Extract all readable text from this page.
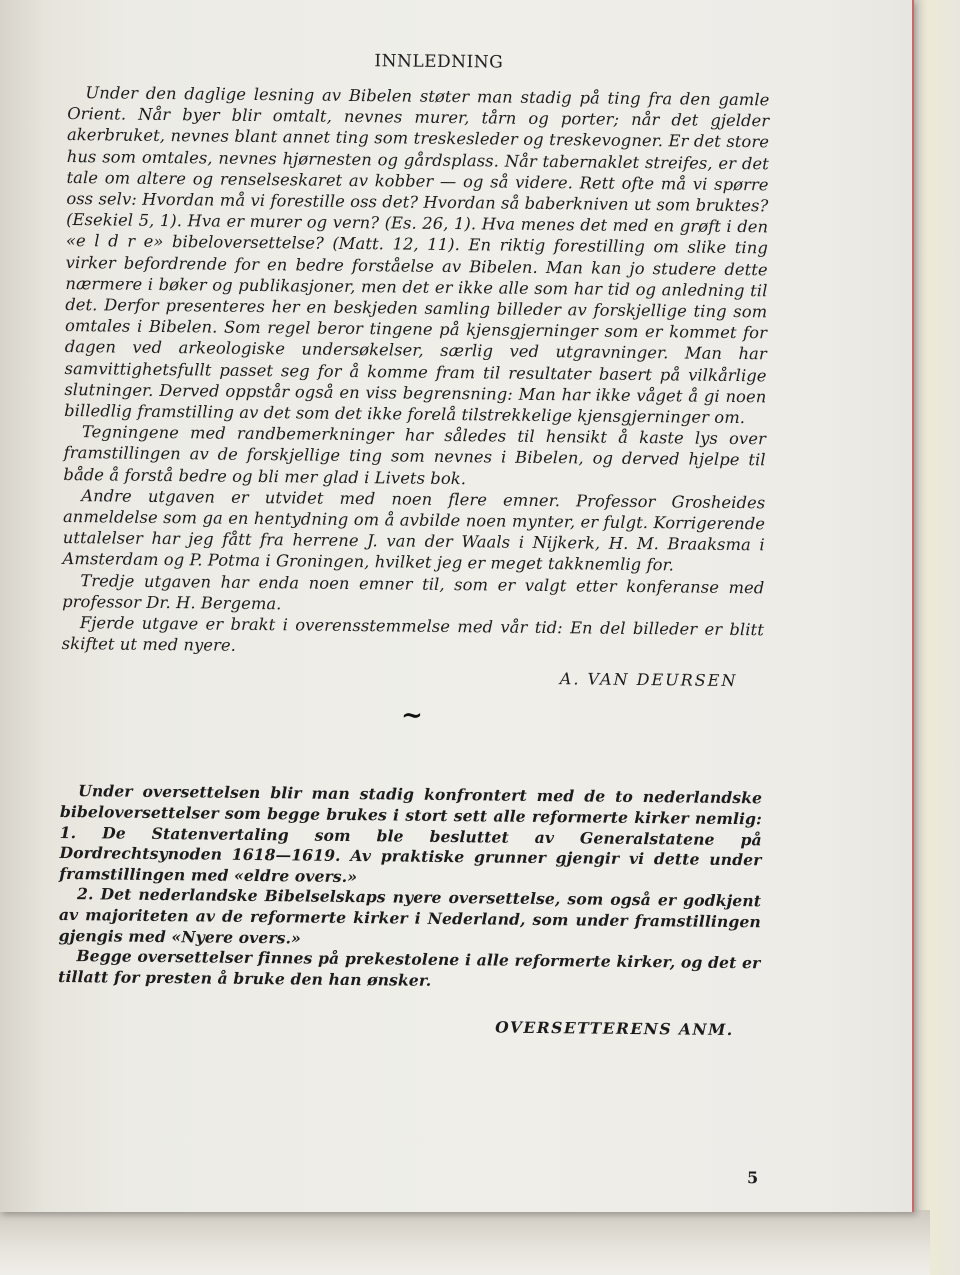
INNLEDNING

Under den daglige lesning av Bibelen støter man stadig på ting fra den gamle Orient. Når byer blir omtalt, nevnes murer, tårn og porter; når det gjelder akerbruket, nevnes blant annet ting som treskesleder og treskevogner. Er det store hus som omtales, nevnes hjørnesten og gårdsplass. Når tabernaklet streifes, er det tale om altere og renselseskaret av kobber — og så videre. Rett ofte må vi spørre oss selv: Hvordan må vi forestille oss det? Hvordan så baberkniven ut som bruktes? (Esekiel 5, 1). Hva er murer og vern? (Es. 26, 1). Hva menes det med en grøft i den «e l d r e» bibeloversettelse? (Matt. 12, 11). En riktig forestilling om slike ting virker befordrende for en bedre forståelse av Bibelen. Man kan jo studere dette nærmere i bøker og publikasjoner, men det er ikke alle som har tid og anledning til det. Derfor presenteres her en beskjeden samling billeder av forskjellige ting som omtales i Bibelen. Som regel beror tingene på kjensgjerninger som er kommet for dagen ved arkeologiske undersøkelser, særlig ved utgravninger. Man har samvittighetsfullt passet seg for å komme fram til resultater basert på vilkårlige slutninger. Derved oppstår også en viss begrensning: Man har ikke våget å gi noen billedlig framstilling av det som det ikke forelå tilstrekkelige kjensgjerninger om.

Tegningene med randbemerkninger har således til hensikt å kaste lys over framstillingen av de forskjellige ting som nevnes i Bibelen, og derved hjelpe til både å forstå bedre og bli mer glad i Livets bok.

Andre utgaven er utvidet med noen flere emner. Professor Grosheides anmeldelse som ga en hentydning om å avbilde noen mynter, er fulgt. Korrigerende uttalelser har jeg fått fra herrene J. van der Waals i Nijkerk, H. M. Braaksma i Amsterdam og P. Potma i Groningen, hvilket jeg er meget takknemlig for.

Tredje utgaven har enda noen emner til, som er valgt etter konferanse med professor Dr. H. Bergema.

Fjerde utgave er brakt i overensstemmelse med vår tid: En del billeder er blitt skiftet ut med nyere.

A. VAN DEURSEN
~

Under oversettelsen blir man stadig konfrontert med de to nederlandske bibeloversettelser som begge brukes i stort sett alle reformerte kirker nemlig: 1. De Statenvertaling som ble besluttet av Generalstatene på Dordrechtsynoden 1618—1619. Av praktiske grunner gjengir vi dette under framstillingen med «eldre overs.»

2. Det nederlandske Bibelselskaps nyere oversettelse, som også er godkjent av majoriteten av de reformerte kirker i Nederland, som under framstillingen gjengis med «Nyere overs.»

Begge oversettelser finnes på prekestolene i alle reformerte kirker, og det er tillatt for presten å bruke den han ønsker.

OVERSETTERENS ANM.
5
